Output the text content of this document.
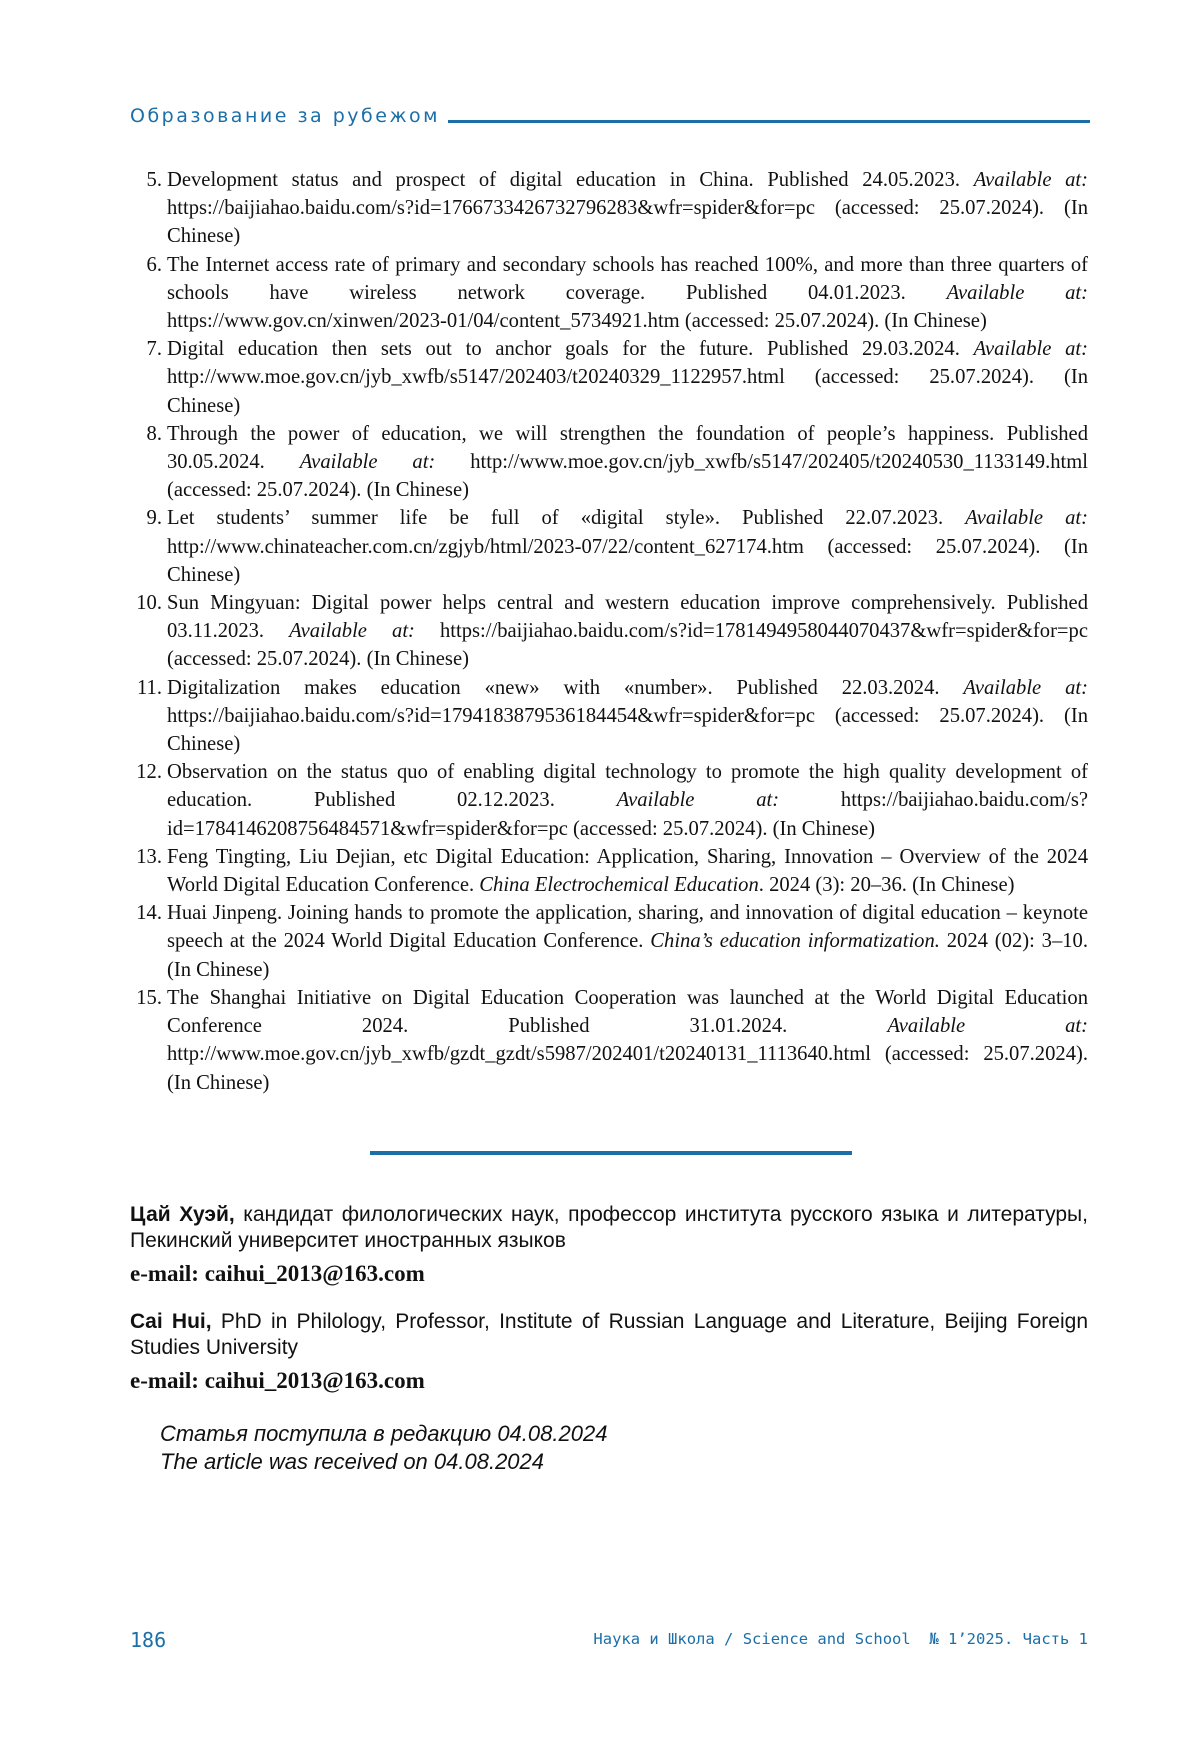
Образование за рубежом
5. Development status and prospect of digital education in China. Published 24.05.2023. Available at: https://baijiahao.baidu.com/s?id=1766733426732796283&wfr=spider&for=pc (accessed: 25.07.2024). (In Chinese)
6. The Internet access rate of primary and secondary schools has reached 100%, and more than three quarters of schools have wireless network coverage. Published 04.01.2023. Available at: https://www.gov.cn/xinwen/2023-01/04/content_5734921.htm (accessed: 25.07.2024). (In Chinese)
7. Digital education then sets out to anchor goals for the future. Published 29.03.2024. Available at: http://www.moe.gov.cn/jyb_xwfb/s5147/202403/t20240329_1122957.html (accessed: 25.07.2024). (In Chinese)
8. Through the power of education, we will strengthen the foundation of people’s happiness. Published 30.05.2024. Available at: http://www.moe.gov.cn/jyb_xwfb/s5147/202405/t20240530_1133149.html (accessed: 25.07.2024). (In Chinese)
9. Let students’ summer life be full of «digital style». Published 22.07.2023. Available at: http://www.chinateacher.com.cn/zgjyb/html/2023-07/22/content_627174.htm (accessed: 25.07.2024). (In Chinese)
10. Sun Mingyuan: Digital power helps central and western education improve comprehensively. Published 03.11.2023. Available at: https://baijiahao.baidu.com/s?id=1781494958044070437&wfr=spider&for=pc (accessed: 25.07.2024). (In Chinese)
11. Digitalization makes education «new» with «number». Published 22.03.2024. Available at: https://baijiahao.baidu.com/s?id=1794183879536184454&wfr=spider&for=pc (accessed: 25.07.2024). (In Chinese)
12. Observation on the status quo of enabling digital technology to promote the high quality development of education. Published 02.12.2023. Available at: https://baijiahao.baidu.com/s?id=1784146208756484571&wfr=spider&for=pc (accessed: 25.07.2024). (In Chinese)
13. Feng Tingting, Liu Dejian, etc Digital Education: Application, Sharing, Innovation – Overview of the 2024 World Digital Education Conference. China Electrochemical Education. 2024 (3): 20–36. (In Chinese)
14. Huai Jinpeng. Joining hands to promote the application, sharing, and innovation of digital education – keynote speech at the 2024 World Digital Education Conference. China’s education informatization. 2024 (02): 3–10. (In Chinese)
15. The Shanghai Initiative on Digital Education Cooperation was launched at the World Digital Education Conference 2024. Published 31.01.2024. Available at: http://www.moe.gov.cn/jyb_xwfb/gzdt_gzdt/s5987/202401/t20240131_1113640.html (accessed: 25.07.2024). (In Chinese)
Цай Хуэй, кандидат филологических наук, профессор института русского языка и литературы, Пекинский университет иностранных языков
e-mail: caihui_2013@163.com
Cai Hui, PhD in Philology, Professor, Institute of Russian Language and Literature, Beijing Foreign Studies University
e-mail: caihui_2013@163.com
Статья поступила в редакцию 04.08.2024
The article was received on 04.08.2024
186	Наука и Школа / Science and School № 1’2025. Часть 1
